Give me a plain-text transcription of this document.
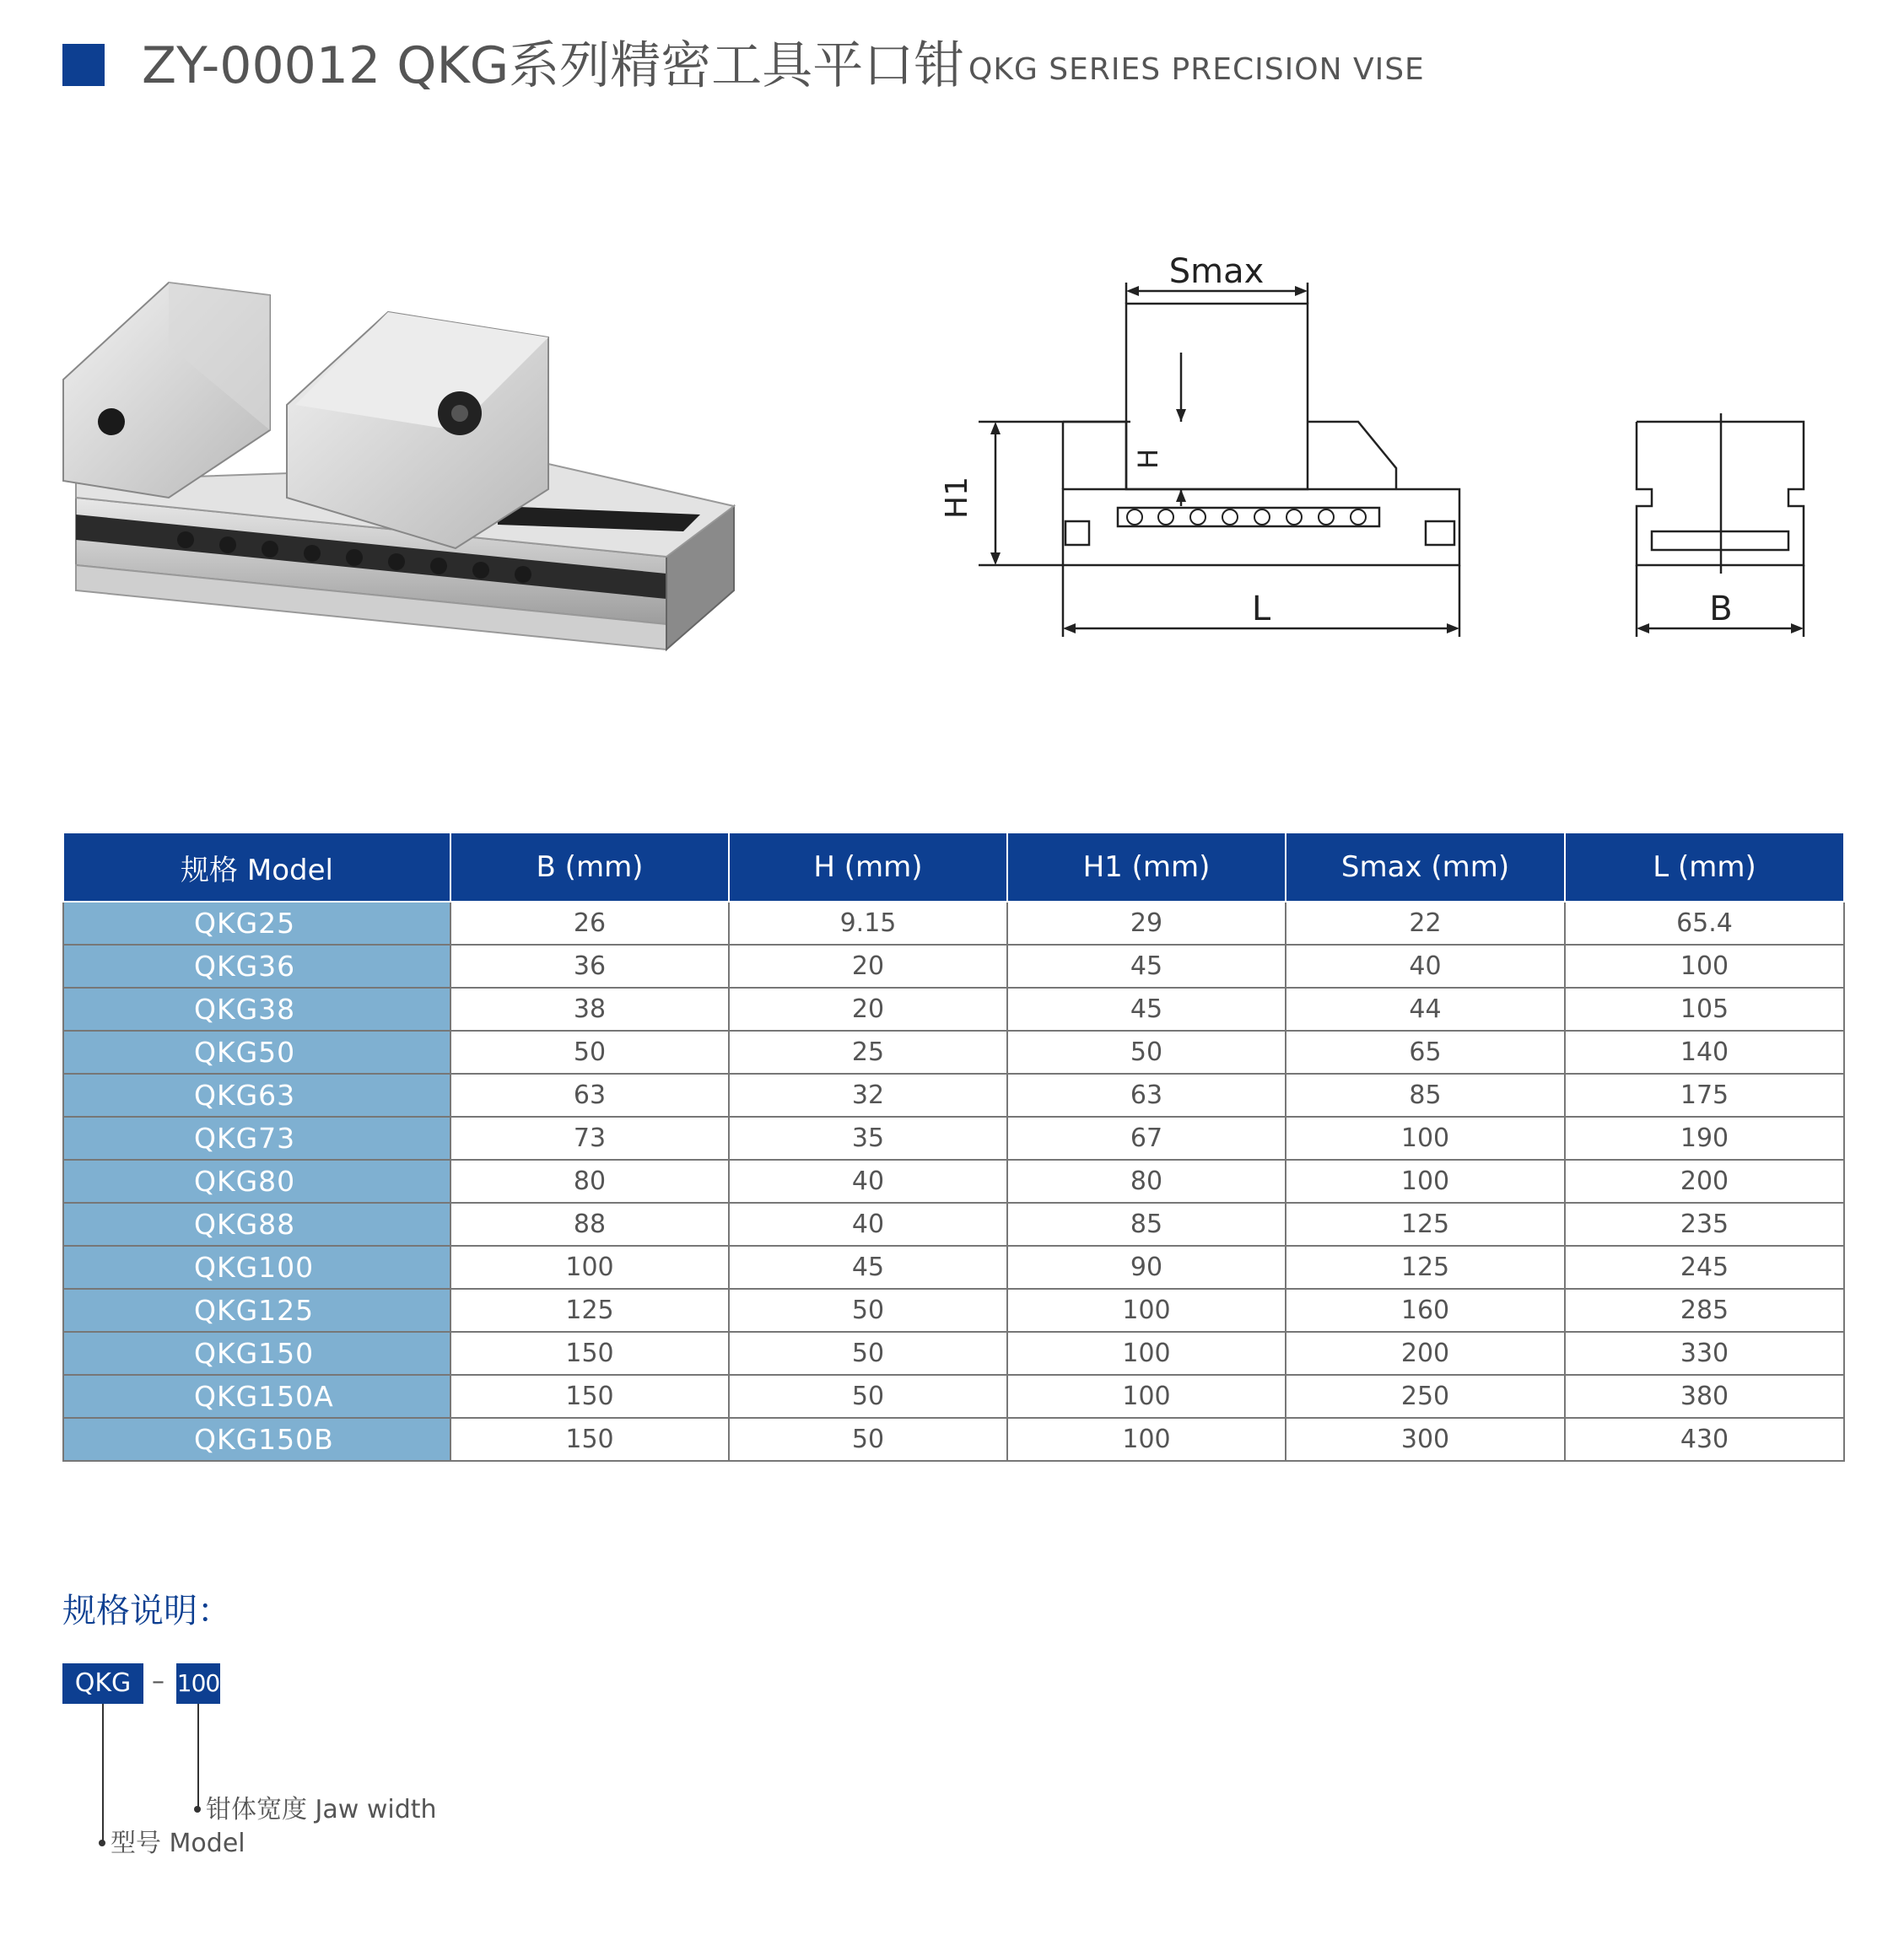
ZY-00012 QKG系列精密工具平口钳 QKG SERIES PRECISION VISE
Smax
H1
H
L	B
规格 Model	B (mm)	H (mm)	H1 (mm)	Smax (mm)	L (mm)
QKG25	26	9.15	29	22	65.4
QKG36	36	20	45	40	100
QKG38	38	20	45	44	105
QKG50	50	25	50	65	140
QKG63	63	32	63	85	175
QKG73	73	35	67	100	190
QKG80	80	40	80	100	200
QKG88	88	40	85	125	235
QKG100	100	45	90	125	245
QKG125	125	50	100	160	285
QKG150	150	50	100	200	330
QKG150A	150	50	100	250	380
QKG150B	150	50	100	300	430
规格说明：
QKG – 100
钳体宽度 Jaw width
型号 Model
